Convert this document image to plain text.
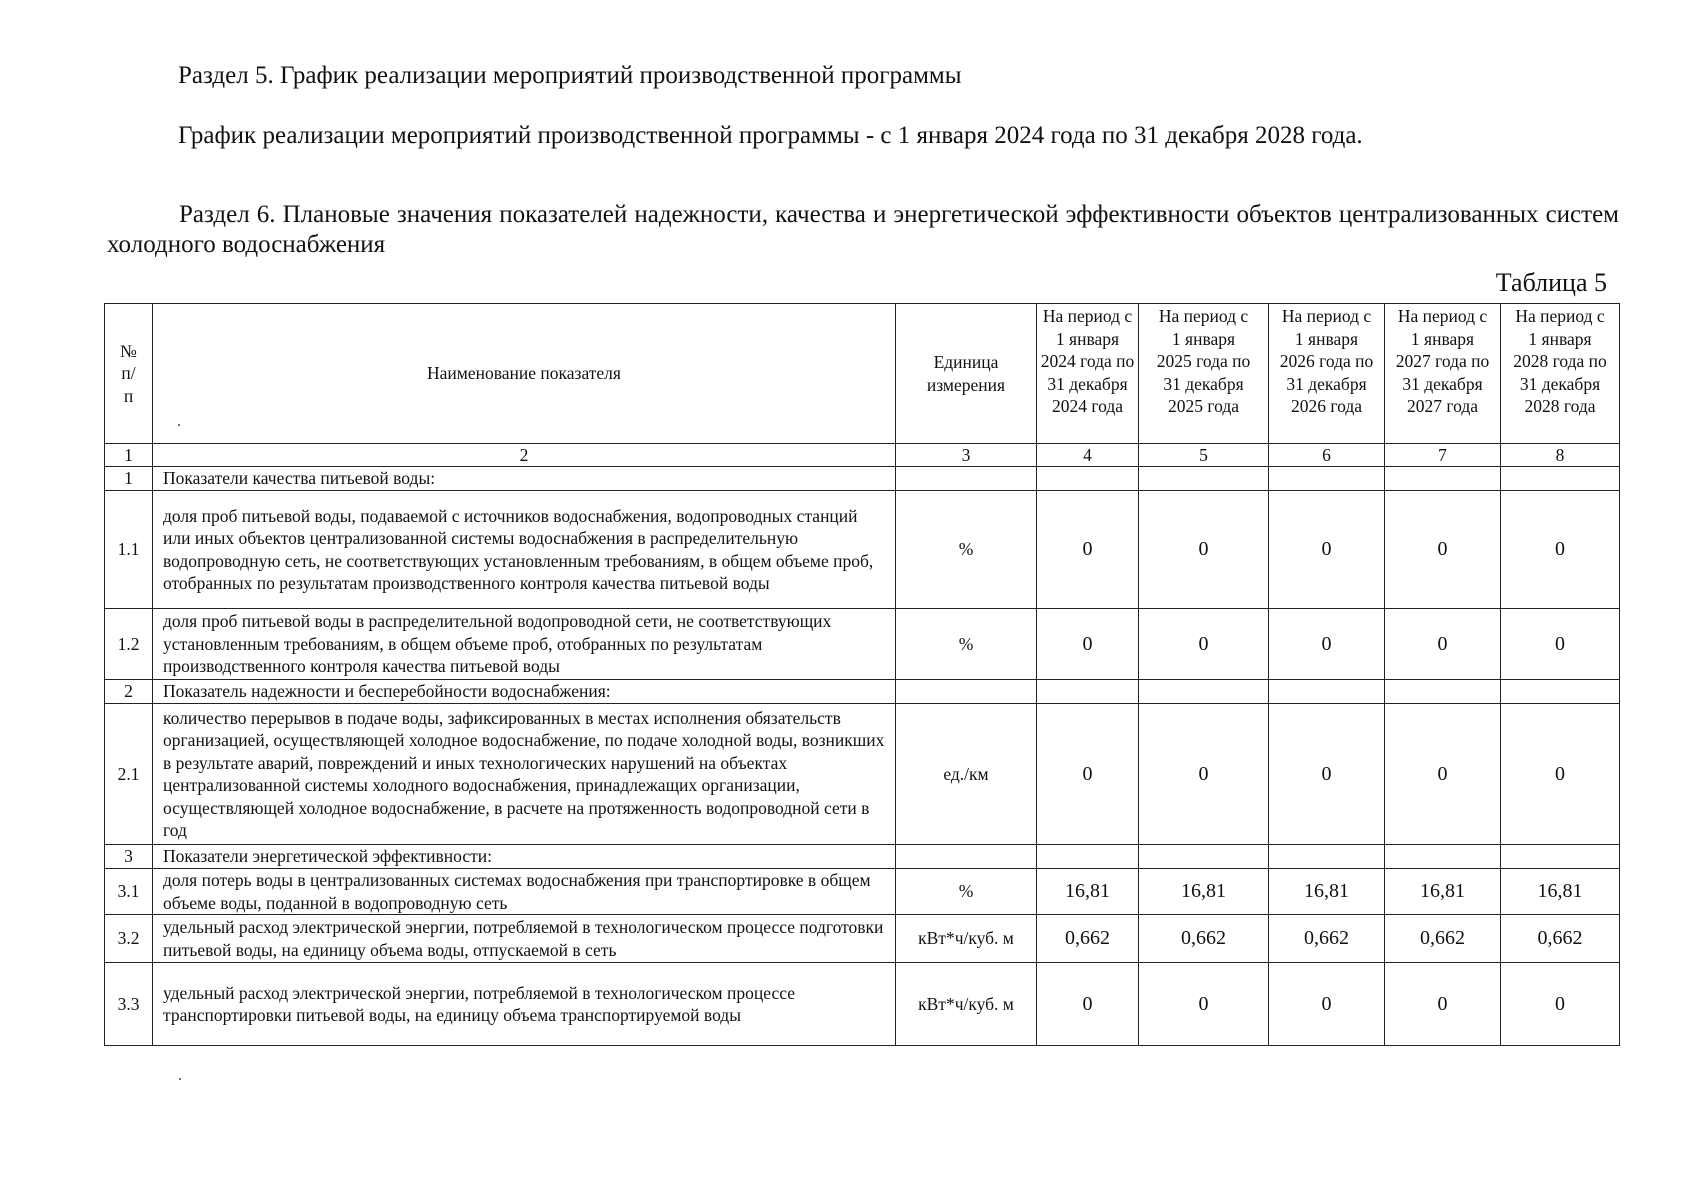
Раздел 5. График реализации мероприятий производственной программы
График реализации мероприятий производственной программы - с 1 января 2024 года по 31 декабря 2028 года.
Раздел 6. Плановые значения показателей надежности, качества и энергетической эффективности объектов централизованных систем холодного водоснабжения
Таблица 5
№ п/ п	Наименование показателя	Единица измерения	На период с 1 января 2024 года по 31 декабря 2024 года	На период с 1 января 2025 года по 31 декабря 2025 года	На период с 1 января 2026 года по 31 декабря 2026 года	На период с 1 января 2027 года по 31 декабря 2027 года	На период с 1 января 2028 года по 31 декабря 2028 года
1	2	3	4	5	6	7	8
1	Показатели качества питьевой воды:						
1.1	доля проб питьевой воды, подаваемой с источников водоснабжения, водопроводных станций или иных объектов централизованной системы водоснабжения в распределительную водопроводную сеть, не соответствующих установленным требованиям, в общем объеме проб, отобранных по результатам производственного контроля качества питьевой воды	%	0	0	0	0	0
1.2	доля проб питьевой воды в распределительной водопроводной сети, не соответствующих установленным требованиям, в общем объеме проб, отобранных по результатам производственного контроля качества питьевой воды	%	0	0	0	0	0
2	Показатель надежности и бесперебойности водоснабжения:						
2.1	количество перерывов в подаче воды, зафиксированных в местах исполнения обязательств организацией, осуществляющей холодное водоснабжение, по подаче холодной воды, возникших в результате аварий, повреждений и иных технологических нарушений на объектах централизованной системы холодного водоснабжения, принадлежащих организации, осуществляющей холодное водоснабжение, в расчете на протяженность водопроводной сети в год	ед./км	0	0	0	0	0
3	Показатели энергетической эффективности:						
3.1	доля потерь воды в централизованных системах водоснабжения при транспортировке в общем объеме воды, поданной в водопроводную сеть	%	16,81	16,81	16,81	16,81	16,81
3.2	удельный расход электрической энергии, потребляемой в технологическом процессе подготовки питьевой воды, на единицу объема воды, отпускаемой в сеть	кВт*ч/куб. м	0,662	0,662	0,662	0,662	0,662
3.3	удельный расход электрической энергии, потребляемой в технологическом процессе транспортировки питьевой воды, на единицу объема транспортируемой воды	кВт*ч/куб. м	0	0	0	0	0
